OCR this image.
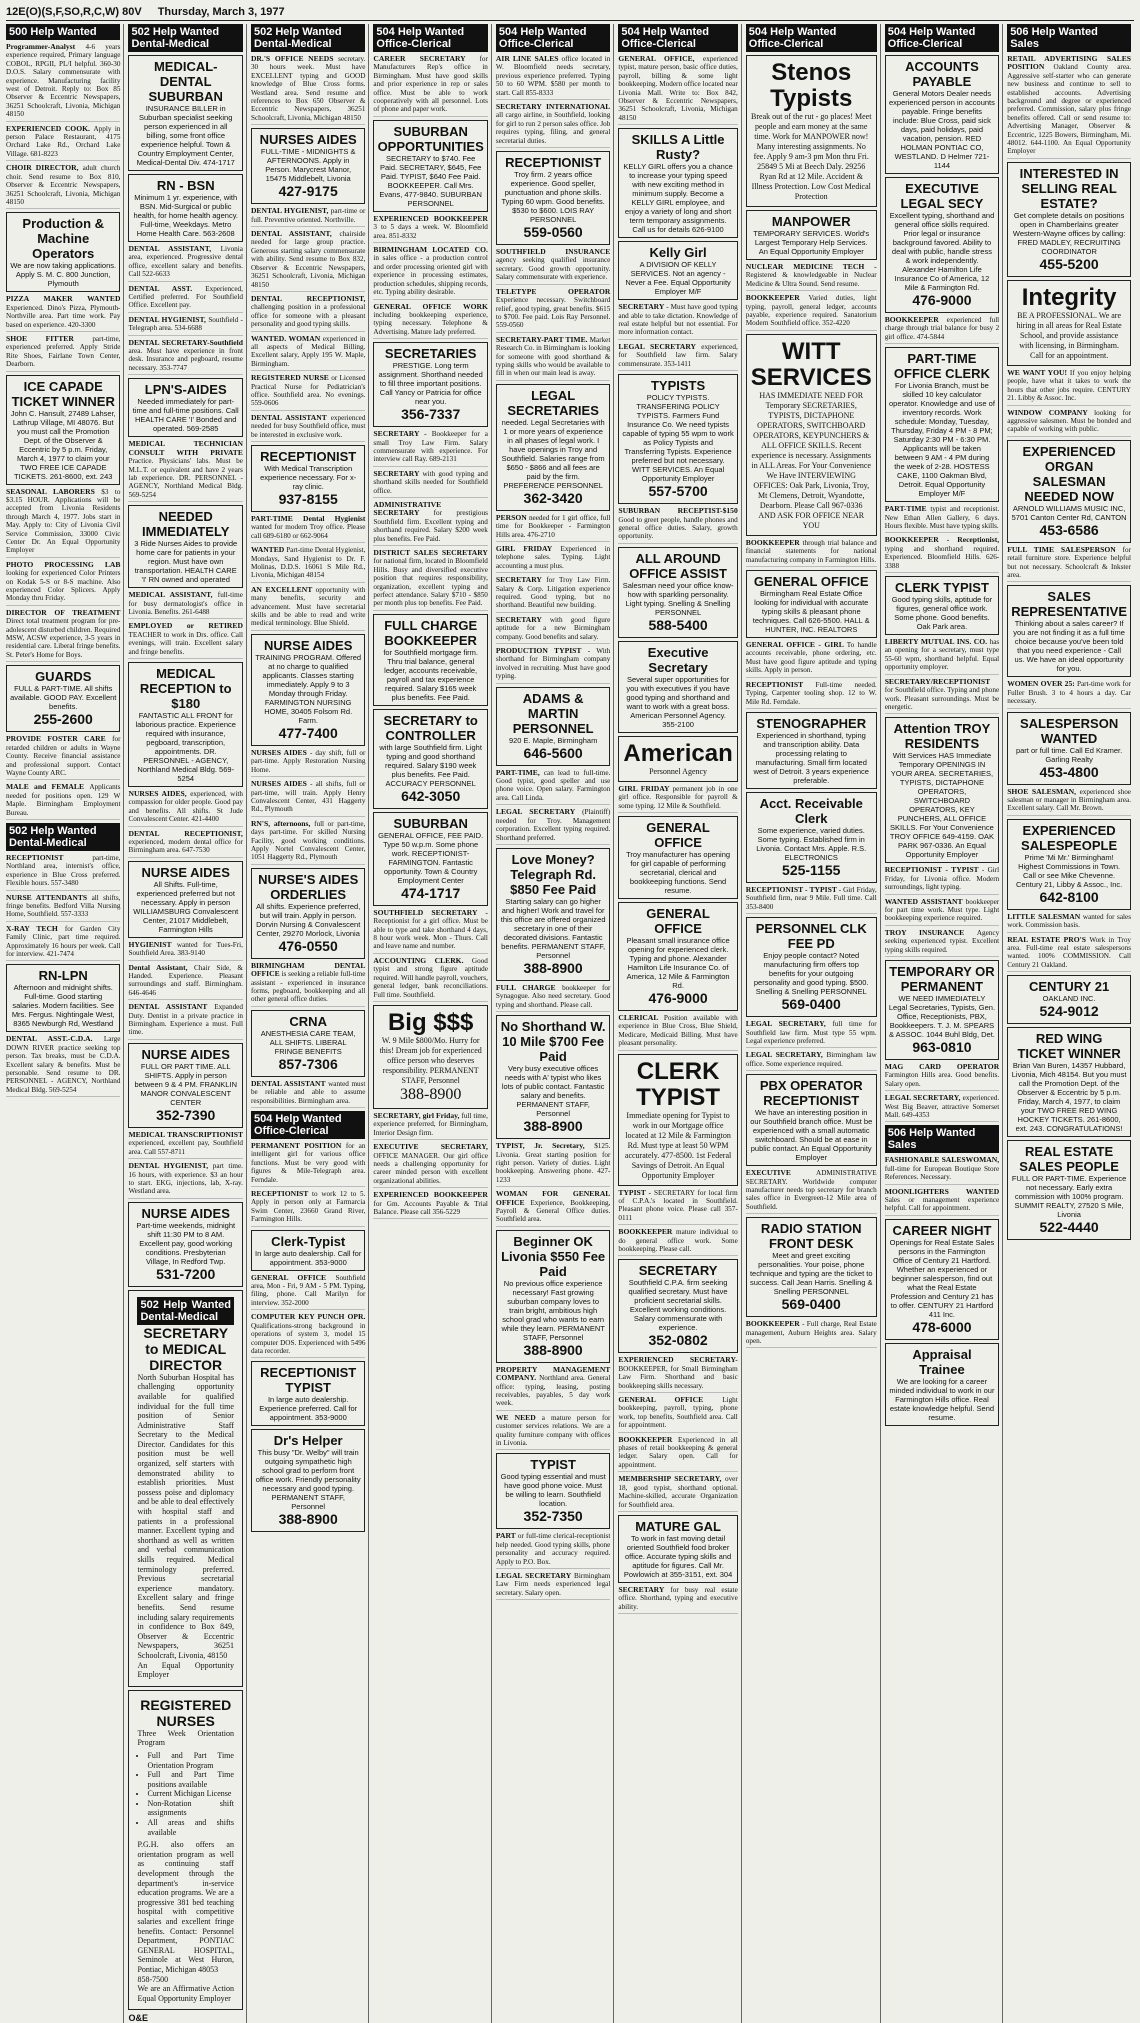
12E(O)(S,F,SO,R,C,W) 80V Thursday, March 3, 1977
500 Help Wanted
Programmer-Analyst 4-6 years experience required, Primary language COBOL, RPGII, PL/I helpful. 360-30 D.O.S. Salary commensurate with experience. Manufacturing facility west of Detroit. Reply to: Box 85 Observer & Eccentric Newspapers, 36251 Schoolcraft, Livonia, Michigan 48150
EXPERIENCED COOK. Apply in person Palace Restaurant, 4175 Orchard Lake Rd., Orchard Lake Village. 681-8223
CHOIR DIRECTOR, adult church choir. Send resume to Box 810, Observer & Eccentric Newspapers, 36251 Schoolcraft, Livonia, Michigan 48150
Production & Machine Operators
We are now taking applications. Apply S. M. C. 800 Junction, Plymouth
PIZZA MAKER WANTED Experienced. Dino's Pizza, Plymouth-Northville area. Part time work. Pay based on experience. 420-3300
SHOE FITTER part-time, experienced preferred. Apply Stride Rite Shoes, Fairlane Town Center, Dearborn.
ICE CAPADE TICKET WINNER
John C. Hansult, 27489 Lahser, Lathrup Village, MI 48076. But you must call the Promotion Dept. of the Observer & Eccentric by 5 p.m. Friday, March 4, 1977 to claim your TWO FREE ICE CAPADE TICKETS. 261-8600, ext. 243
SEASONAL LABORERS $3 to $3.15 HOUR. Applications will be accepted from Livonia Residents through March 4, 1977. Jobs start in May. Apply to: City of Livonia Civil Service Commission, 33000 Civic Center Dr. An Equal Opportunity Employer
PHOTO PROCESSING LAB looking for experienced Color Printers on Kodak 5-S or 8-S machine. Also experienced Color Splicers. Apply Monday thru Friday.
DIRECTOR OF TREATMENT Direct total treatment program for pre-adolescent disturbed children. Required MSW, ACSW experience, 3-5 years in residential care. Liberal fringe benefits. St. Peter's Home for Boys.
GUARDS
FULL & PART-TIME. All shifts available. GOOD PAY. Excellent benefits.
255-2600
PROVIDE FOSTER CARE for retarded children or adults in Wayne County. Receive financial assistance and professional support. Contact Wayne County ARC.
MALE and FEMALE Applicants needed for positions open. 129 W Maple. Birmingham Employment Bureau.
502 Help Wanted Dental-Medical
RECEPTIONIST part-time, Northland area, internist's office, experience in Blue Cross preferred. Flexible hours. 557-3480
NURSE ATTENDANTS all shifts, fringe benefits. Bedford Villa Nursing Home, Southfield. 557-3333
X-RAY TECH for Garden City Family Clinic, part time required. Approximately 16 hours per week. Call for interview. 421-7474
RN-LPN
Afternoon and midnight shifts. Full-time. Good starting salaries. Modern facilities. See Mrs. Fergus. Nightingale West, 8365 Newburgh Rd, Westland
DENTAL ASST.-C.D.A. Large DOWN RIVER practice seeking top person. Tax breaks, must be C.D.A. Excellent salary & benefits. Must be personable. Send resume to DR. PERSONNEL - AGENCY, Northland Medical Bldg. 569-5254
502 Help Wanted Dental-Medical
MEDICAL-DENTAL SUBURBAN
INSURANCE BILLER in Suburban specialist seeking person experienced in all billing, some front office experience helpful. Town & Country Employment Center, Medical-Dental Div. 474-1717
RN - BSN
Minimum 1 yr. experience, with BSN. Mid-Surgical or public health, for home health agency. Full-time, Weekdays. Metro Home Health Care. 563-2608
DENTAL ASSISTANT, Livonia area, experienced. Progressive dental office, excellent salary and benefits. Call 522-6633
DENTAL ASST. Experienced, Certified preferred. For Southfield Office. Excellent pay.
DENTAL HYGIENIST, Southfield - Telegraph area. 534-6688
DENTAL SECRETARY-Southfield area. Must have experience in front desk. Insurance and pegboard, resume necessary. 353-7747
LPN'S-AIDES
Needed immediately for part-time and full-time positions. Call HEALTH CARE 'I' Bonded and operated. 569-2585
MEDICAL TECHNICIAN CONSULT WITH PRIVATE Practice. Physicians' labs. Must be M.L.T. or equivalent and have 2 years lab experience. DR. PERSONNEL - AGENCY, Northland Medical Bldg. 569-5254
NEEDED IMMEDIATELY
3 Ride Nurses Aides to provide home care for patients in your region. Must have own transportation. HEALTH CARE 'I' RN owned and operated
MEDICAL ASSISTANT, full-time for busy dermatologist's office in Livonia. Benefits. 261-6488
EMPLOYED or RETIRED TEACHER to work in Drs. office. Call evenings, will train. Excellent salary and fringe benefits.
MEDICAL RECEPTION to $180
FANTASTIC ALL FRONT for laborious practice. Experience required with insurance, pegboard, transcription, appointments. DR. PERSONNEL - AGENCY, Northland Medical Bldg. 569-5254
NURSES AIDES, experienced, with compassion for older people. Good pay and benefits. All shifts. St Jude Convalescent Center. 421-4400
DENTAL RECEPTIONIST, experienced, modern dental office for Birmingham area. 647-7530
NURSE AIDES
All Shifts. Full-time, experienced preferred but not necessary. Apply in person WILLIAMSBURG Convalescent Center, 21017 Middlebelt, Farmington Hills
HYGIENIST wanted for Tues-Fri, Southfield Area. 383-9140
Dental Assistant, Chair Side, & Handed. Experience. Pleasant surroundings and staff. Birmingham. 646-4646
DENTAL ASSISTANT Expanded Duty. Dentist in a private practice in Birmingham. Experience a must. Full time.
NURSE AIDES
FULL OR PART TIME. ALL SHIFTS. Apply in person between 9 & 4 PM. FRANKLIN MANOR CONVALESCENT CENTER
352-7390
MEDICAL TRANSCRIPTIONIST experienced, excellent pay, Southfield area. Call 557-8711
DENTAL HYGIENIST, part time. 16 hours, with experience. $3 an hour to start. EKG, injections, lab, X-ray. Westland area.
NURSE AIDES
Part-time weekends, midnight shift 11:30 PM to 8 AM. Excellent pay, good working conditions. Presbyterian Village, In Redford Twp.
531-7200
502 Help Wanted Dental-Medical
SECRETARY to MEDICAL DIRECTOR
North Suburban Hospital has challenging opportunity available for qualified individual for the full time position of Senior Administrative Staff Secretary to the Medical Director. Candidates for this position must be well organized, self starters with demonstrated ability to establish priorities. Must possess poise and diplomacy and be able to deal effectively with hospital staff and patients in a professional manner. Excellent typing and shorthand as well as written and verbal communication skills required. Medical terminology preferred. Previous secretarial experience mandatory. Excellent salary and fringe benefits. Send resume including salary requirements in confidence to Box 849, Observer & Eccentric Newspapers, 36251 Schoolcraft, Livonia, 48150
An Equal Opportunity Employer
REGISTERED NURSES
Three Week Orientation Program
• Full and Part Time Orientation Program
• Full and Part Time positions available
• Current Michigan License
• Non-Rotation shift assignments
• All areas and shifts available
P.G.H. also offers an orientation program as well as continuing staff development through the department's in-service education programs. We are a progressive 381 bed teaching hospital with competitive salaries and excellent fringe benefits. Contact: Personnel Department, PONTIAC GENERAL HOSPITAL, Seminole at West Huron, Pontiac, Michigan 48053
858-7500
We are an Affirmative Action Equal Opportunity Employer
O&E
502 Help Wanted Dental-Medical
DR.'S OFFICE NEEDS secretary. 30 hours week. Must have EXCELLENT typing and GOOD knowledge of Blue Cross forms. Westland area. Send resume and references to Box 650 Observer & Eccentric Newspapers, 36251 Schoolcraft, Livonia, Michigan 48150
NURSES AIDES
FULL-TIME - MIDNIGHTS & AFTERNOONS. Apply in Person. Marycrest Manor, 15475 Middlebelt, Livonia
427-9175
DENTAL HYGIENIST, part-time or full. Preventive oriented. Northville.
DENTAL ASSISTANT, chairside needed for large group practice. Generous starting salary commensurate with ability. Send resume to Box 832, Observer & Eccentric Newspapers, 36251 Schoolcraft, Livonia, Michigan 48150
DENTAL RECEPTIONIST, challenging position in a professional office for someone with a pleasant personality and good typing skills.
WANTED. WOMAN experienced in all aspects of Medical Billing. Excellent salary, Apply 195 W. Maple, Birmingham.
REGISTERED NURSE or Licensed Practical Nurse for Pediatrician's office. Southfield area. No evenings. 559-0606
DENTAL ASSISTANT experienced needed for busy Southfield office, must be interested in exclusive work.
RECEPTIONIST
With Medical Transcription experience necessary. For x-ray clinic.
937-8155
PART-TIME Dental Hygienist wanted for modern Troy office. Please call 689-6180 or 662-9064
WANTED Part-time Dental Hygienist, Mondays, Sand Hygienist to Dr. F. Molinas, D.D.S. 16061 S Mile Rd., Livonia, Michigan 48154
AN EXCELLENT opportunity with many benefits, security and advancement. Must have secretarial skills and be able to read and write medical terminology. Blue Shield.
NURSE AIDES
TRAINING PROGRAM. Offered at no charge to qualified applicants. Classes starting immediately. Apply 9 to 3 Monday through Friday. FARMINGTON NURSING HOME, 30405 Folsom Rd. Farm.
477-7400
NURSES AIDES - day shift, full or part-time. Apply Restoration Nursing Home.
NURSES AIDES - all shifts, full or part-time, will train. Apply Henry Convalescent Center, 431 Haggerty Rd., Plymouth
RN'S, afternoons, full or part-time, days part-time. For skilled Nursing Facility, good working conditions. Apply Nortel Convalescent Center, 1051 Haggerty Rd., Plymouth
NURSE'S AIDES ORDERLIES
All shifts. Experience preferred, but will train. Apply in person. Dorvin Nursing & Convalescent Center, 29270 Morlock, Livonia
476-0550
BIRMINGHAM DENTAL OFFICE is seeking a reliable full-time assistant - experienced in insurance forms, pegboard, bookkeeping and all other general office duties.
CRNA
ANESTHESIA CARE TEAM, ALL SHIFTS. LIBERAL FRINGE BENEFITS
857-7306
DENTAL ASSISTANT wanted must be reliable and able to assume responsibilities. Birmingham area.
504 Help Wanted Office-Clerical
PERMANENT POSITION for an intelligent girl for various office functions. Must be very good with figures & Mile-Telegraph area. Ferndale.
RECEPTIONIST to work 12 to 5. Apply in person only at Farmarcia Swim Center, 23660 Grand River, Farmington Hills.
Clerk-Typist
In large auto dealership. Call for appointment. 353-9000
GENERAL OFFICE Southfield area, Mon - Fri, 9 AM - 5 PM. Typing, filing, phone. Call Marilyn for interview. 352-2000
COMPUTER KEY PUNCH OPR. Qualifications-strong background in operations of system 3, model 15 computer DOS. Experienced with 5496 data recorder.
RECEPTIONIST TYPIST
In large auto dealership. Experience preferred. Call for appointment. 353-9000
Dr's Helper
This busy "Dr. Welby" will train outgoing sympathetic high school grad to perform front office work. Friendly personality necessary and good typing. PERMANENT STAFF, Personnel
388-8900
504 Help Wanted Office-Clerical
CAREER SECRETARY for Manufacturers Rep's office in Birmingham. Must have good skills and prior experience in rep or sales office. Must be able to work cooperatively with all personnel. Lots of phone and paper work.
SUBURBAN OPPORTUNITIES
SECRETARY to $740. Fee Paid. SECRETARY, $645, Fee Paid. TYPIST, $640 Fee Paid. BOOKKEEPER. Call Mrs. Evans, 477-9840. SUBURBAN PERSONNEL
EXPERIENCED BOOKKEEPER 3 to 5 days a week. W. Bloomfield area. 851-8332
BIRMINGHAM LOCATED CO. in sales office - a production control and order processing oriented girl with experience in processing estimates, production schedules, shipping records, etc. Typing ability desirable.
GENERAL OFFICE WORK including bookkeeping experience, typing necessary. Telephone & Advertising. Mature lady preferred.
SECRETARIES
PRESTIGE. Long term assignment. Shorthand needed to fill three important positions. Call Yancy or Patricia for office near you.
356-7337
SECRETARY - Bookkeeper for a small Troy Law Firm. Salary commensurate with experience. For interview call Ray. 689-2131
SECRETARY with good typing and shorthand skills needed for Southfield office.
ADMINISTRATIVE SECRETARY for prestigious Southfield firm. Excellent typing and shorthand required. Salary $200 week plus benefits. Fee Paid.
DISTRICT SALES SECRETARY for national firm, located in Bloomfield Hills. Busy and diversified executive position that requires responsibility, organization, excellent typing and perfect attendance. Salary $710 - $850 per month plus top benefits. Fee Paid.
FULL CHARGE BOOKKEEPER
for Southfield mortgage firm. Thru trial balance, general ledger, accounts receivable, payroll and tax experience required. Salary $165 week plus benefits. Fee Paid.
SECRETARY to CONTROLLER
with large Southfield firm. Light typing and good shorthand required. Salary $190 week plus benefits. Fee Paid. ACCURACY PERSONNEL
642-3050
SUBURBAN
GENERAL OFFICE, FEE PAID. Type 50 w.p.m. Some phone work. RECEPTIONIST-FARMINGTON. Fantastic opportunity. Town & Country Employment Center
474-1717
SOUTHFIELD SECRETARY - Receptionist for a girl office. Must be able to type and take shorthand 4 days, 8 hour work week. Mon - Thurs. Call and leave name and number.
ACCOUNTING CLERK. Good typist and strong figure aptitude required. Will handle payroll, vouchers, general ledger, bank reconciliations. Full time. Southfield.
Big $$$
W. 9 Mile $800/Mo. Hurry for this! Dream job for experienced office person who deserves responsibility. PERMANENT STAFF, Personnel
388-8900
SECRETARY, girl Friday, full time, experience preferred, for Birmingham, Interior Design firm.
EXECUTIVE SECRETARY, OFFICE MANAGER. Our girl office needs a challenging opportunity for career minded person with excellent organizational abilities.
EXPERIENCED BOOKKEEPER for Gm. Accounts Payable & Trial Balance. Please call 356-5229
504 Help Wanted Office-Clerical
AIR LINE SALES office located in W. Bloomfield needs secretary, previous experience preferred. Typing 50 to 60 WPM. $580 per month to start. Call 855-8333
SECRETARY INTERNATIONAL all cargo airline, in Southfield, looking for girl to run 2 person sales office. Job requires typing, filing, and general secretarial duties.
RECEPTIONIST
Troy firm. 2 years office experience. Good speller, punctuation and phone skills. Typing 60 wpm. Good benefits. $530 to $600. LOIS RAY PERSONNEL
559-0560
SOUTHFIELD INSURANCE agency seeking qualified insurance secretary. Good growth opportunity. Salary commensurate with experience.
TELETYPE OPERATOR Experience necessary. Switchboard relief, good typing, great benefits. $615 to $700. Fee paid. Lois Ray Personnel. 559-0560
SECRETARY-PART TIME. Market Research Co. in Birmingham is looking for someone with good shorthand & typing skills who would be available to fill in when our main lead is away.
LEGAL SECRETARIES
needed. Legal Secretaries with 1 or more years of experience in all phases of legal work. I have openings in Troy and Southfield. Salaries range from $650 - $866 and all fees are paid by the firm. PREFERENCE PERSONNEL
362-3420
PERSON needed for 1 girl office, full time for Bookkeeper - Farmington Hills area. 476-2710
GIRL FRIDAY Experienced in telephone sales. Typing. Light accounting a must plus.
SECRETARY for Troy Law Firm. Salary & Corp. Litigation experience required. Good typing, but no shorthand. Beautiful new building.
SECRETARY with good figure aptitude for a new Birmingham company. Good benefits and salary.
PRODUCTION TYPIST - With shorthand for Birmingham company involved in recruiting. Must have good typing.
ADAMS & MARTIN PERSONNEL
920 E. Maple, Birmingham
646-5600
PART-TIME, can lead to full-time. Good typist, good speller and use phone voice. Open salary. Farmington area. Call Linda.
LEGAL SECRETARY (Plaintiff) needed for Troy. Management corporation. Excellent typing required. Shorthand preferred.
Love Money? Telegraph Rd. $850 Fee Paid
Starting salary can go higher and higher! Work and travel for this office are offered organized secretary in one of their decorated divisions. Fantastic benefits. PERMANENT STAFF, Personnel
388-8900
FULL CHARGE bookkeeper for Synagogue. Also need secretary. Good typing and shorthand. Please call.
No Shorthand W. 10 Mile $700 Fee Paid
Very busy executive offices needs with A' typist who likes lots of public contact. Fantastic salary and benefits. PERMANENT STAFF, Personnel
388-8900
TYPIST, Jr. Secretary, $125. Livonia. Great starting position for right person. Variety of duties. Light bookkeeping. Answering phone. 427-1233
WOMAN FOR GENERAL OFFICE Experience, Bookkeeping, Payroll & General Office duties. Southfield area.
Beginner OK Livonia $550 Fee Paid
No previous office experience necessary! Fast growing suburban company loves to train bright, ambitious high school grad who wants to earn while they learn. PERMANENT STAFF, Personnel
388-8900
PROPERTY MANAGEMENT COMPANY. Northland area. General office: typing, leasing, posting receivables, payables, 5 day work week.
WE NEED a mature person for customer services relations. We are a quality furniture company with offices in Livonia.
TYPIST
Good typing essential and must have good phone voice. Must be willing to learn. Southfield location.
352-7350
PART or full-time clerical-receptionist help needed. Good typing skills, phone personality and accuracy required. Apply to P.O. Box.
LEGAL SECRETARY Birmingham Law Firm needs experienced legal secretary. Salary open.
504 Help Wanted Office-Clerical
GENERAL OFFICE, experienced typist, mature person, basic office duties, payroll, billing & some light bookkeeping. Modern office located near Livonia Mall. Write to: Box 842, Observer & Eccentric Newspapers, 36251 Schoolcraft, Livonia, Michigan 48150
SKILLS A Little Rusty?
KELLY GIRL offers you a chance to increase your typing speed with new exciting method in minimum supply. Become a KELLY GIRL employee, and enjoy a variety of long and short term temporary assignments. Call us for details 626-9100
Kelly Girl
A DIVISION OF KELLY SERVICES. Not an agency - Never a Fee. Equal Opportunity Employer M/F
SECRETARY - Must have good typing and able to take dictation. Knowledge of real estate helpful but not essential. For more information contact.
LEGAL SECRETARY experienced, for Southfield law firm. Salary commensurate. 353-1411
TYPISTS
POLICY TYPISTS. TRANSFERING POLICY TYPISTS. Farmers Fund Insurance Co. We need typists capable of typing 55 wpm to work as Policy Typists and Transferring Typists. Experience preferred but not necessary. WITT SERVICES. An Equal Opportunity Employer
557-5700
SUBURBAN RECEPTIST-$150 Good to greet people, handle phones and general office duties. Salary, growth opportunity.
ALL AROUND OFFICE ASSIST
Salesman need your office know-how with sparkling personality. Light typing. Snelling & Snelling PERSONNEL
588-5400
Executive Secretary
Several super opportunities for you with executives if you have good typing and shorthand and want to work with a great boss. American Personnel Agency. 355-2100
American
Personnel Agency
GIRL FRIDAY permanent job in one girl office. Responsible for payroll & some typing. 12 Mile & Southfield.
GENERAL OFFICE
Troy manufacturer has opening for girl capable of performing secretarial, clerical and bookkeeping functions. Send resume.
GENERAL OFFICE
Pleasant small insurance office opening for experienced clerk. Typing and phone. Alexander Hamilton Life Insurance Co. of America, 12 Mile & Farmington Rd.
476-9000
CLERICAL Position available with experience in Blue Cross, Blue Shield, Medicare, Medicaid Billing. Must have pleasant personality.
CLERK TYPIST
Immediate opening for Typist to work in our Mortgage office located at 12 Mile & Farmington Rd. Must type at least 50 WPM accurately. 477-8500. 1st Federal Savings of Detroit. An Equal Opportunity Employer
TYPIST - SECRETARY for local firm of C.P.A.'s located in Southfield. Pleasant phone voice. Please call 357-0111
BOOKKEEPER mature individual to do general office work. Some bookkeeping. Please call.
SECRETARY
Southfield C.P.A. firm seeking qualified secretary. Must have proficient secretarial skills. Excellent working conditions. Salary commensurate with experience.
352-0802
EXPERIENCED SECRETARY- BOOKKEEPER, for Small Birmingham Law Firm. Shorthand and basic bookkeeping skills necessary.
GENERAL OFFICE Light bookkeeping, payroll, typing, phone work, top benefits, Southfield area. Call for appointment.
BOOKKEEPER Experienced in all phases of retail bookkeeping & general ledger. Salary open. Call for appointment.
MEMBERSHIP SECRETARY, over 18, good typist, shorthand optional. Machine-skilled, accurate Organization for Southfield area.
MATURE GAL
To work in fast moving detail oriented Southfield food broker office. Accurate typing skills and aptitude for figures. Call Mr. Powlowich at 355-3151, ext. 304
SECRETARY for busy real estate office. Shorthand, typing and executive ability.
504 Help Wanted Office-Clerical
Stenos Typists
Break out of the rut - go places! Meet people and earn money at the same time. Work for MANPOWER now! Many interesting assignments. No fee. Apply 9 am-3 pm Mon thru Fri. 25849 5 Mi at Beech Daly. 29256 Ryan Rd at 12 Mile. Accident & Illness Protection. Low Cost Medical Protection
MANPOWER
TEMPORARY SERVICES. World's Largest Temporary Help Services. An Equal Opportunity Employer
NUCLEAR MEDICINE TECH - Registered & knowledgeable in Nuclear Medicine & Ultra Sound. Send resume.
BOOKKEEPER Varied duties, light typing, payroll, general ledger, accounts payable, experience required. Sanatorium Modern Southfield office. 352-4220
WITT SERVICES
HAS IMMEDIATE NEED FOR Temporary SECRETARIES, TYPISTS, DICTAPHONE OPERATORS, SWITCHBOARD OPERATORS, KEYPUNCHERS & ALL OFFICE SKILLS. Recent experience is necessary. Assignments in ALL Areas. For Your Convenience We Have INTERVIEWING OFFICES: Oak Park, Livonia, Troy, Mt Clemens, Detroit, Wyandotte, Dearborn. Please Call 967-0336 AND ASK FOR OFFICE NEAR YOU
BOOKKEEPER through trial balance and financial statements for national manufacturing company in Farmington Hills.
GENERAL OFFICE
Birmingham Real Estate Office looking for individual with accurate typing skills & pleasant phone techniques. Call 626-5500. HALL & HUNTER, INC. REALTORS
GENERAL OFFICE - GIRL To handle accounts receivable, phone ordering, etc. Must have good figure aptitude and typing skills. Apply in person.
RECEPTIONIST Full-time needed. Typing, Carpenter tooling shop. 12 to W. Mile Rd. Ferndale.
STENOGRAPHER
Experienced in shorthand, typing and transcription ability. Data processing relating to manufacturing. Small firm located west of Detroit. 3 years experience preferable.
Acct. Receivable Clerk
Some experience, varied duties. Some typing. Established firm in Livonia. Contact Mrs. Apple. R.S. ELECTRONICS
525-1155
RECEPTIONIST - TYPIST - Girl Friday, Southfield firm, near 9 Mile. Full time. Call 353-8400
PERSONNEL CLK FEE PD
Enjoy people contact? Noted manufacturing firm offers top benefits for your outgoing personality and good typing. $500. Snelling & Snelling PERSONNEL
569-0400
LEGAL SECRETARY, full time for Southfield law firm. Must type 55 wpm. Legal experience preferred.
LEGAL SECRETARY, Birmingham law office. Some experience required.
PBX OPERATOR RECEPTIONIST
We have an interesting position in our Southfield branch office. Must be experienced with a small automatic switchboard. Should be at ease in public contact. An Equal Opportunity Employer
EXECUTIVE ADMINISTRATIVE SECRETARY. Worldwide computer manufacturer needs top secretary for branch sales office in Evergreen-12 Mile area of Southfield.
RADIO STATION FRONT DESK
Meet and greet exciting personalities. Your poise, phone technique and typing are the ticket to success. Call Jean Harris. Snelling & Snelling PERSONNEL
569-0400
BOOKKEEPER - Full charge, Real Estate management, Auburn Heights area. Salary open.
504 Help Wanted Office-Clerical
ACCOUNTS PAYABLE
General Motors Dealer needs experienced person in accounts payable. Fringe benefits include: Blue Cross, paid sick days, paid holidays, paid vacation, pension. RED HOLMAN PONTIAC CO, WESTLAND. D Helmer 721-1144
EXECUTIVE LEGAL SECY
Excellent typing, shorthand and general office skills required. Prior legal or insurance background favored. Ability to deal with public, handle stress & work independently. Alexander Hamilton Life Insurance Co of America, 12 Mile & Farmington Rd.
476-9000
BOOKKEEPER experienced full charge through trial balance for busy 2 girl office. 474-5844
PART-TIME OFFICE CLERK
For Livonia Branch, must be skilled 10 key calculator operator. Knowledge and use of inventory records. Work schedule: Monday, Tuesday, Thursday, Friday 4 PM - 8 PM; Saturday 2:30 PM - 6:30 PM. Applicants will be taken between 9 AM - 4 PM during the week of 2-28. HOSTESS CAKE, 1100 Oakman Blvd, Detroit. Equal Opportunity Employer M/F
PART-TIME typist and receptionist. New Ethan Allen Gallery, 6 days. Hours flexible. Must have typing skills.
BOOKKEEPER - Receptionist, typing and shorthand required. Experienced. Bloomfield Hills. 626-3388
CLERK TYPIST
Good typing skills, aptitude for figures, general office work. Some phone. Good benefits. Oak Park area.
LIBERTY MUTUAL INS. CO. has an opening for a secretary, must type 55-60 wpm, shorthand helpful. Equal opportunity employer.
SECRETARY/RECEPTIONIST for Southfield office. Typing and phone work. Pleasant surroundings. Must be energetic.
Attention TROY RESIDENTS
Witt Services HAS Immediate Temporary OPENINGS IN YOUR AREA. SECRETARIES, TYPISTS, DICTAPHONE OPERATORS, SWITCHBOARD OPERATORS, KEY PUNCHERS, ALL OFFICE SKILLS. For Your Convenience TROY OFFICE 649-4159. OAK PARK 967-0336. An Equal Opportunity Employer
RECEPTIONIST - TYPIST - Girl Friday, for Livonia office. Modern surroundings, light typing.
WANTED ASSISTANT bookkeeper for part time work. Must type. Light bookkeeping experience required.
TROY INSURANCE Agency seeking experienced typist. Excellent typing skills required.
TEMPORARY OR PERMANENT
WE NEED IMMEDIATELY Legal Secretaries, Typists, Gen. Office, Receptionists, PBX, Bookkeepers. T. J. M. SPEARS & ASSOC. 1044 Buhl Bldg, Det.
963-0810
MAG CARD OPERATOR Farmington Hills area. Good benefits. Salary open.
LEGAL SECRETARY, experienced. West Big Beaver, attractive Somerset Mall. 649-4353
506 Help Wanted Sales
FASHIONABLE SALESWOMAN, full-time for European Boutique Store References. Necessary.
MOONLIGHTERS WANTED Sales or management experience helpful. Call for appointment.
CAREER NIGHT
Openings for Real Estate Sales persons in the Farmington Office of Century 21 Hartford. Whether an experienced or beginner salesperson, find out what the Real Estate Profession and Century 21 has to offer. CENTURY 21 Hartford 411 Inc.
478-6000
Appraisal Trainee
We are looking for a career minded individual to work in our Farmington Hills office. Real estate knowledge helpful. Send resume.
506 Help Wanted Sales
RETAIL ADVERTISING SALES POSITION Oakland County area. Aggressive self-starter who can generate new business and continue to sell to established accounts. Advertising background and degree or experienced preferred. Commission, salary plus fringe benefits offered. Call or send resume to: Advertising Manager, Observer & Eccentric, 1225 Bowers, Birmingham, Mi. 48012. 644-1100. An Equal Opportunity Employer
INTERESTED IN SELLING REAL ESTATE?
Get complete details on positions open in Chamberlains greater Western-Wayne offices by calling: FRED MADLEY, RECRUITING COORDINATOR
455-5200
Integrity
BE A PROFESSIONAL. We are hiring in all areas for Real Estate School, and provide assistance with licensing, in Birmingham. Call for an appointment.
WE WANT YOU! If you enjoy helping people, have what it takes to work the hours that other jobs require. CENTURY 21. Libby & Assoc. Inc.
WINDOW COMPANY looking for aggressive salesmen. Must be bonded and capable of working with public.
EXPERIENCED ORGAN SALESMAN NEEDED NOW
ARNOLD WILLIAMS MUSIC INC, 5701 Canton Center Rd, CANTON
453-6586
FULL TIME SALESPERSON for retail furniture store. Experience helpful but not necessary. Schoolcraft & Inkster area.
SALES REPRESENTATIVE
Thinking about a sales career? If you are not finding it as a full time choice because you've been told that you need experience - Call us. We have an ideal opportunity for you.
WOMEN OVER 25: Part-time work for Fuller Brush. 3 to 4 hours a day. Car necessary.
SALESPERSON WANTED
part or full time. Call Ed Kramer. Garling Realty
453-4800
SHOE SALESMAN, experienced shoe salesman or manager in Birmingham area. Excellent salary. Call Mr. Brown.
EXPERIENCED SALESPEOPLE
Prime 'Mi Mr.' Birmingham! Highest Commissions in Town. Call or see Mike Chevenne. Century 21, Libby & Assoc., Inc.
642-8100
LITTLE SALESMAN wanted for sales work. Commission basis.
REAL ESTATE PRO'S Work in Troy area. Full-time real estate salespersons wanted. 100% COMMISSION. Call Century 21 Oakland.
CENTURY 21
OAKLAND INC.
524-9012
RED WING TICKET WINNER
Brian Van Buren, 14357 Hubbard, Livonia, Mich 48154. But you must call the Promotion Dept. of the Observer & Eccentric by 5 p.m. Friday, March 4, 1977, to claim your TWO FREE RED WING HOCKEY TICKETS. 261-8600, ext. 243. CONGRATULATIONS!
REAL ESTATE SALES PEOPLE
FULL OR PART-TIME. Experience not necessary. Early extra commission with 100% program. SUMMIT REALTY, 27520 S Mile, Livonia
522-4440
